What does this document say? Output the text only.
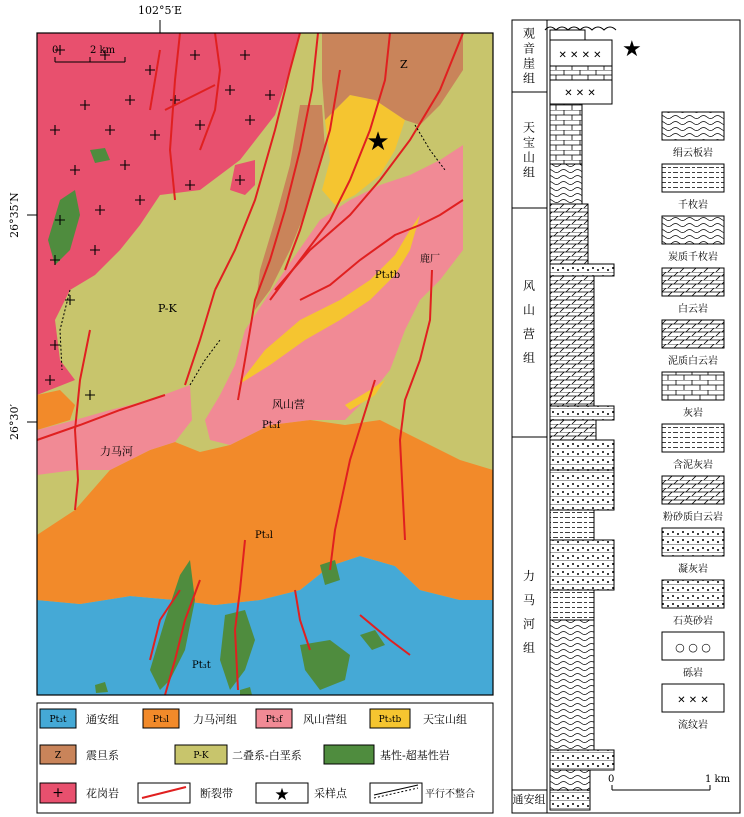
★
0	2 km
Z
P-K
Pt₃tb
鹿厂
风山营
Pt₃f
力马河
Pt₃l
Pt₃t
102°5′E
26°35′N
26°30′
Pt₃t 通安组	Pt₃l 力马河组	Pt₃f 风山营组	Pt₃tb 天宝山组
Z 震旦系	P-K 二叠系-白垩系	基性-超基性岩
+ 花岗岩	断裂带 ★ 采样点	平行不整合
观音崖组
天宝山组
风山营组
力马河组
通安组
✕ ✕ ✕ ✕ ★
✕ ✕ ✕
0	1 km
绢云板岩
千枚岩
炭质千枚岩
白云岩
泥质白云岩
灰岩
含泥灰岩
粉砂质白云岩
凝灰岩
石英砂岩
○ ○ ○
砾岩
✕ ✕ ✕
流纹岩
